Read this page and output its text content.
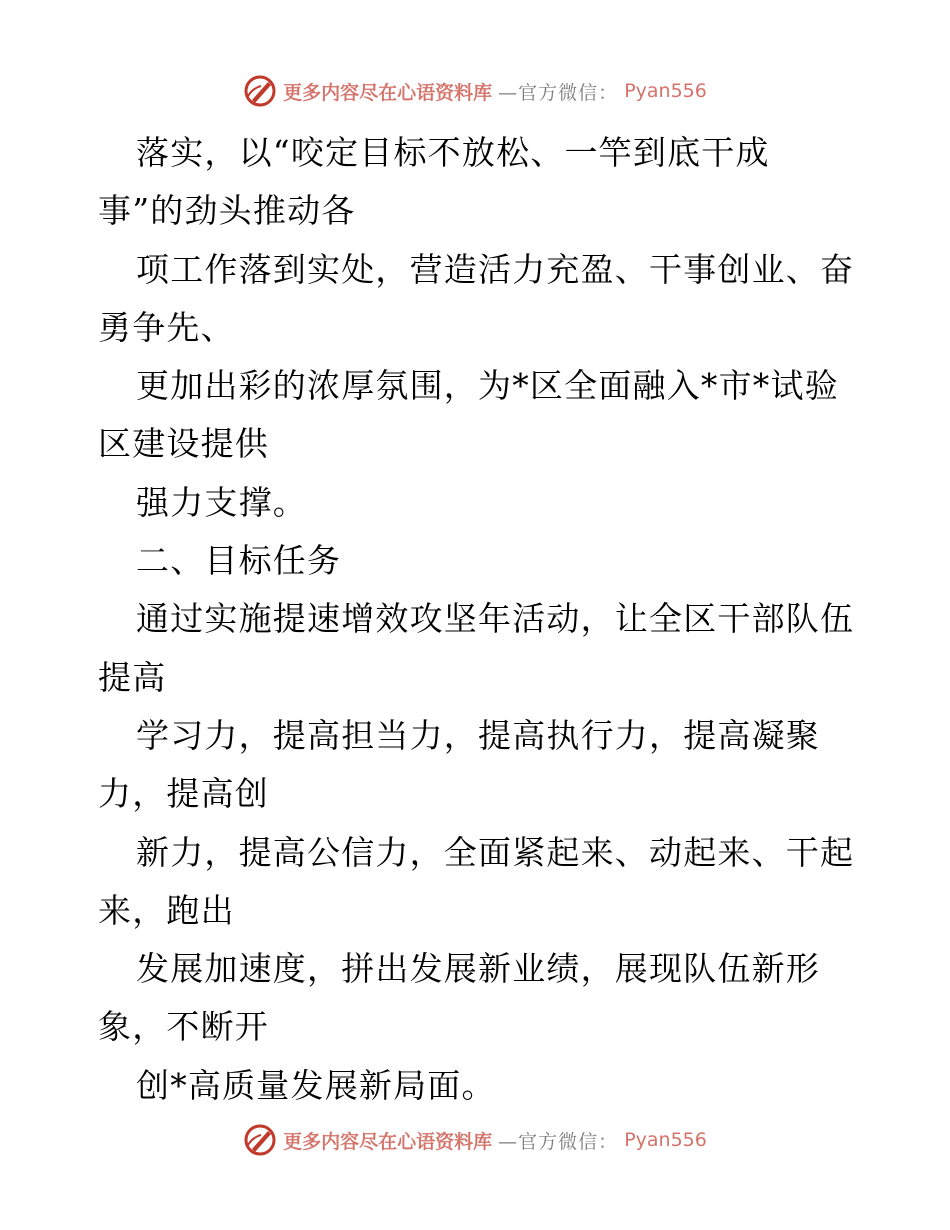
更多内容尽在心语资料库 —官方微信： Pyan556
落实，以“咬定目标不放松、一竿到底干成
事”的劲头推动各
项工作落到实处，营造活力充盈、干事创业、奋
勇争先、
更加出彩的浓厚氛围，为*区全面融入*市*试验
区建设提供
强力支撑。
二、目标任务
通过实施提速增效攻坚年活动，让全区干部队伍
提高
学习力，提高担当力，提高执行力，提高凝聚
力，提高创
新力，提高公信力，全面紧起来、动起来、干起
来，跑出
发展加速度，拼出发展新业绩，展现队伍新形
象，不断开
创*高质量发展新局面。
更多内容尽在心语资料库 —官方微信： Pyan556
